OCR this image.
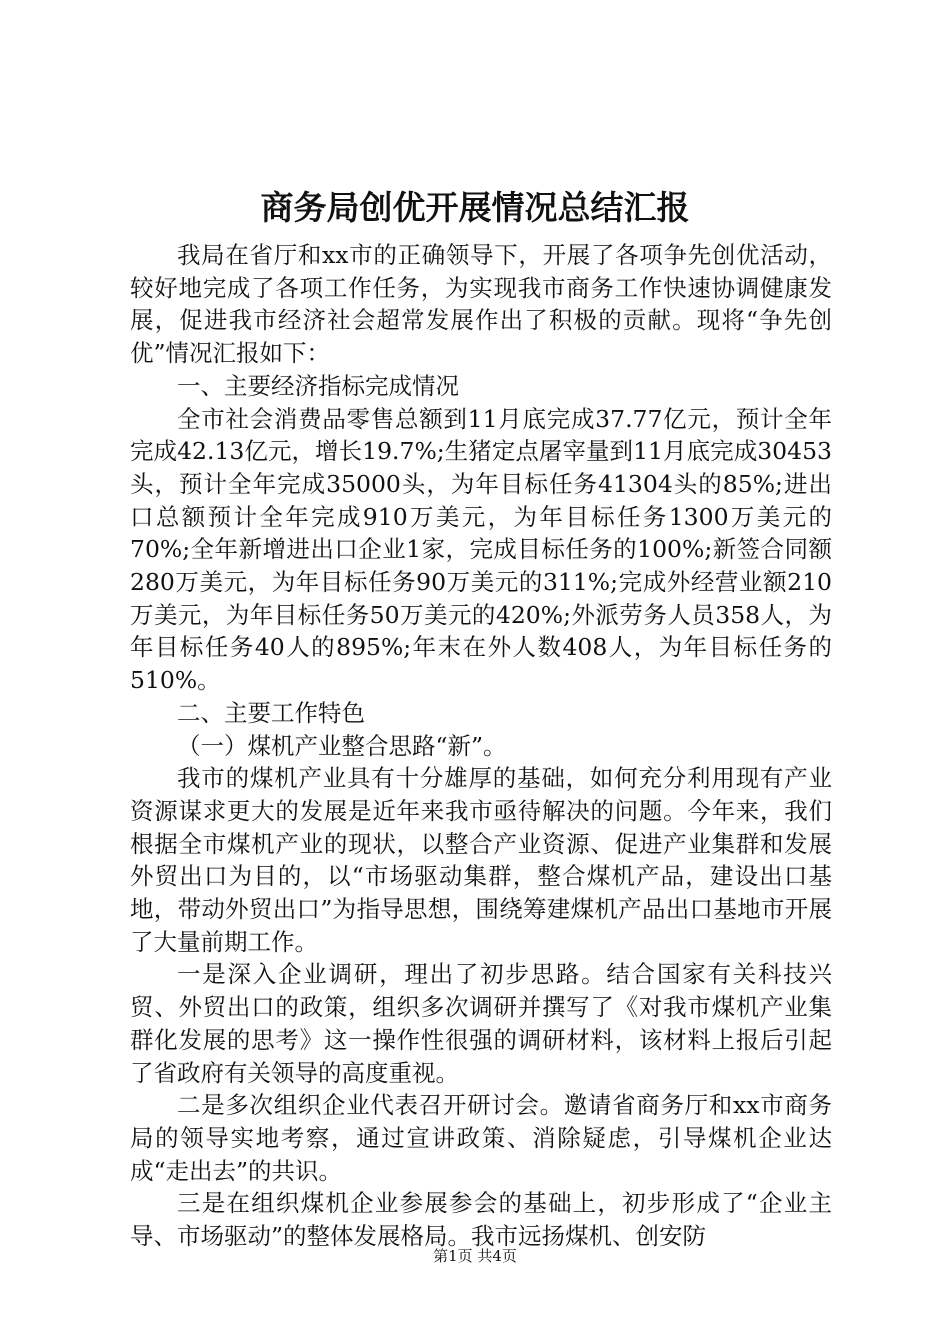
商务局创优开展情况总结汇报

我局在省厅和xx市的正确领导下，开展了各项争先创优活动，较好地完成了各项工作任务，为实现我市商务工作快速协调健康发展，促进我市经济社会超常发展作出了积极的贡献。现将“争先创优”情况汇报如下：

一、主要经济指标完成情况

全市社会消费品零售总额到11月底完成37.77亿元，预计全年完成42.13亿元，增长19.7%;生猪定点屠宰量到11月底完成30453头，预计全年完成35000头，为年目标任务41304头的85%;进出口总额预计全年完成910万美元，为年目标任务1300万美元的70%;全年新增进出口企业1家，完成目标任务的100%;新签合同额280万美元，为年目标任务90万美元的311%;完成外经营业额210万美元，为年目标任务50万美元的420%;外派劳务人员358人，为年目标任务40人的895%;年末在外人数408人，为年目标任务的510%。

二、主要工作特色

（一）煤机产业整合思路“新”。

我市的煤机产业具有十分雄厚的基础，如何充分利用现有产业资源谋求更大的发展是近年来我市亟待解决的问题。今年来，我们根据全市煤机产业的现状，以整合产业资源、促进产业集群和发展外贸出口为目的，以“市场驱动集群，整合煤机产品，建设出口基地，带动外贸出口”为指导思想，围绕筹建煤机产品出口基地市开展了大量前期工作。

一是深入企业调研，理出了初步思路。结合国家有关科技兴贸、外贸出口的政策，组织多次调研并撰写了《对我市煤机产业集群化发展的思考》这一操作性很强的调研材料，该材料上报后引起了省政府有关领导的高度重视。

二是多次组织企业代表召开研讨会。邀请省商务厅和xx市商务局的领导实地考察，通过宣讲政策、消除疑虑，引导煤机企业达成“走出去”的共识。

三是在组织煤机企业参展参会的基础上，初步形成了“企业主导、市场驱动”的整体发展格局。我市远扬煤机、创安防

第1页 共4页
